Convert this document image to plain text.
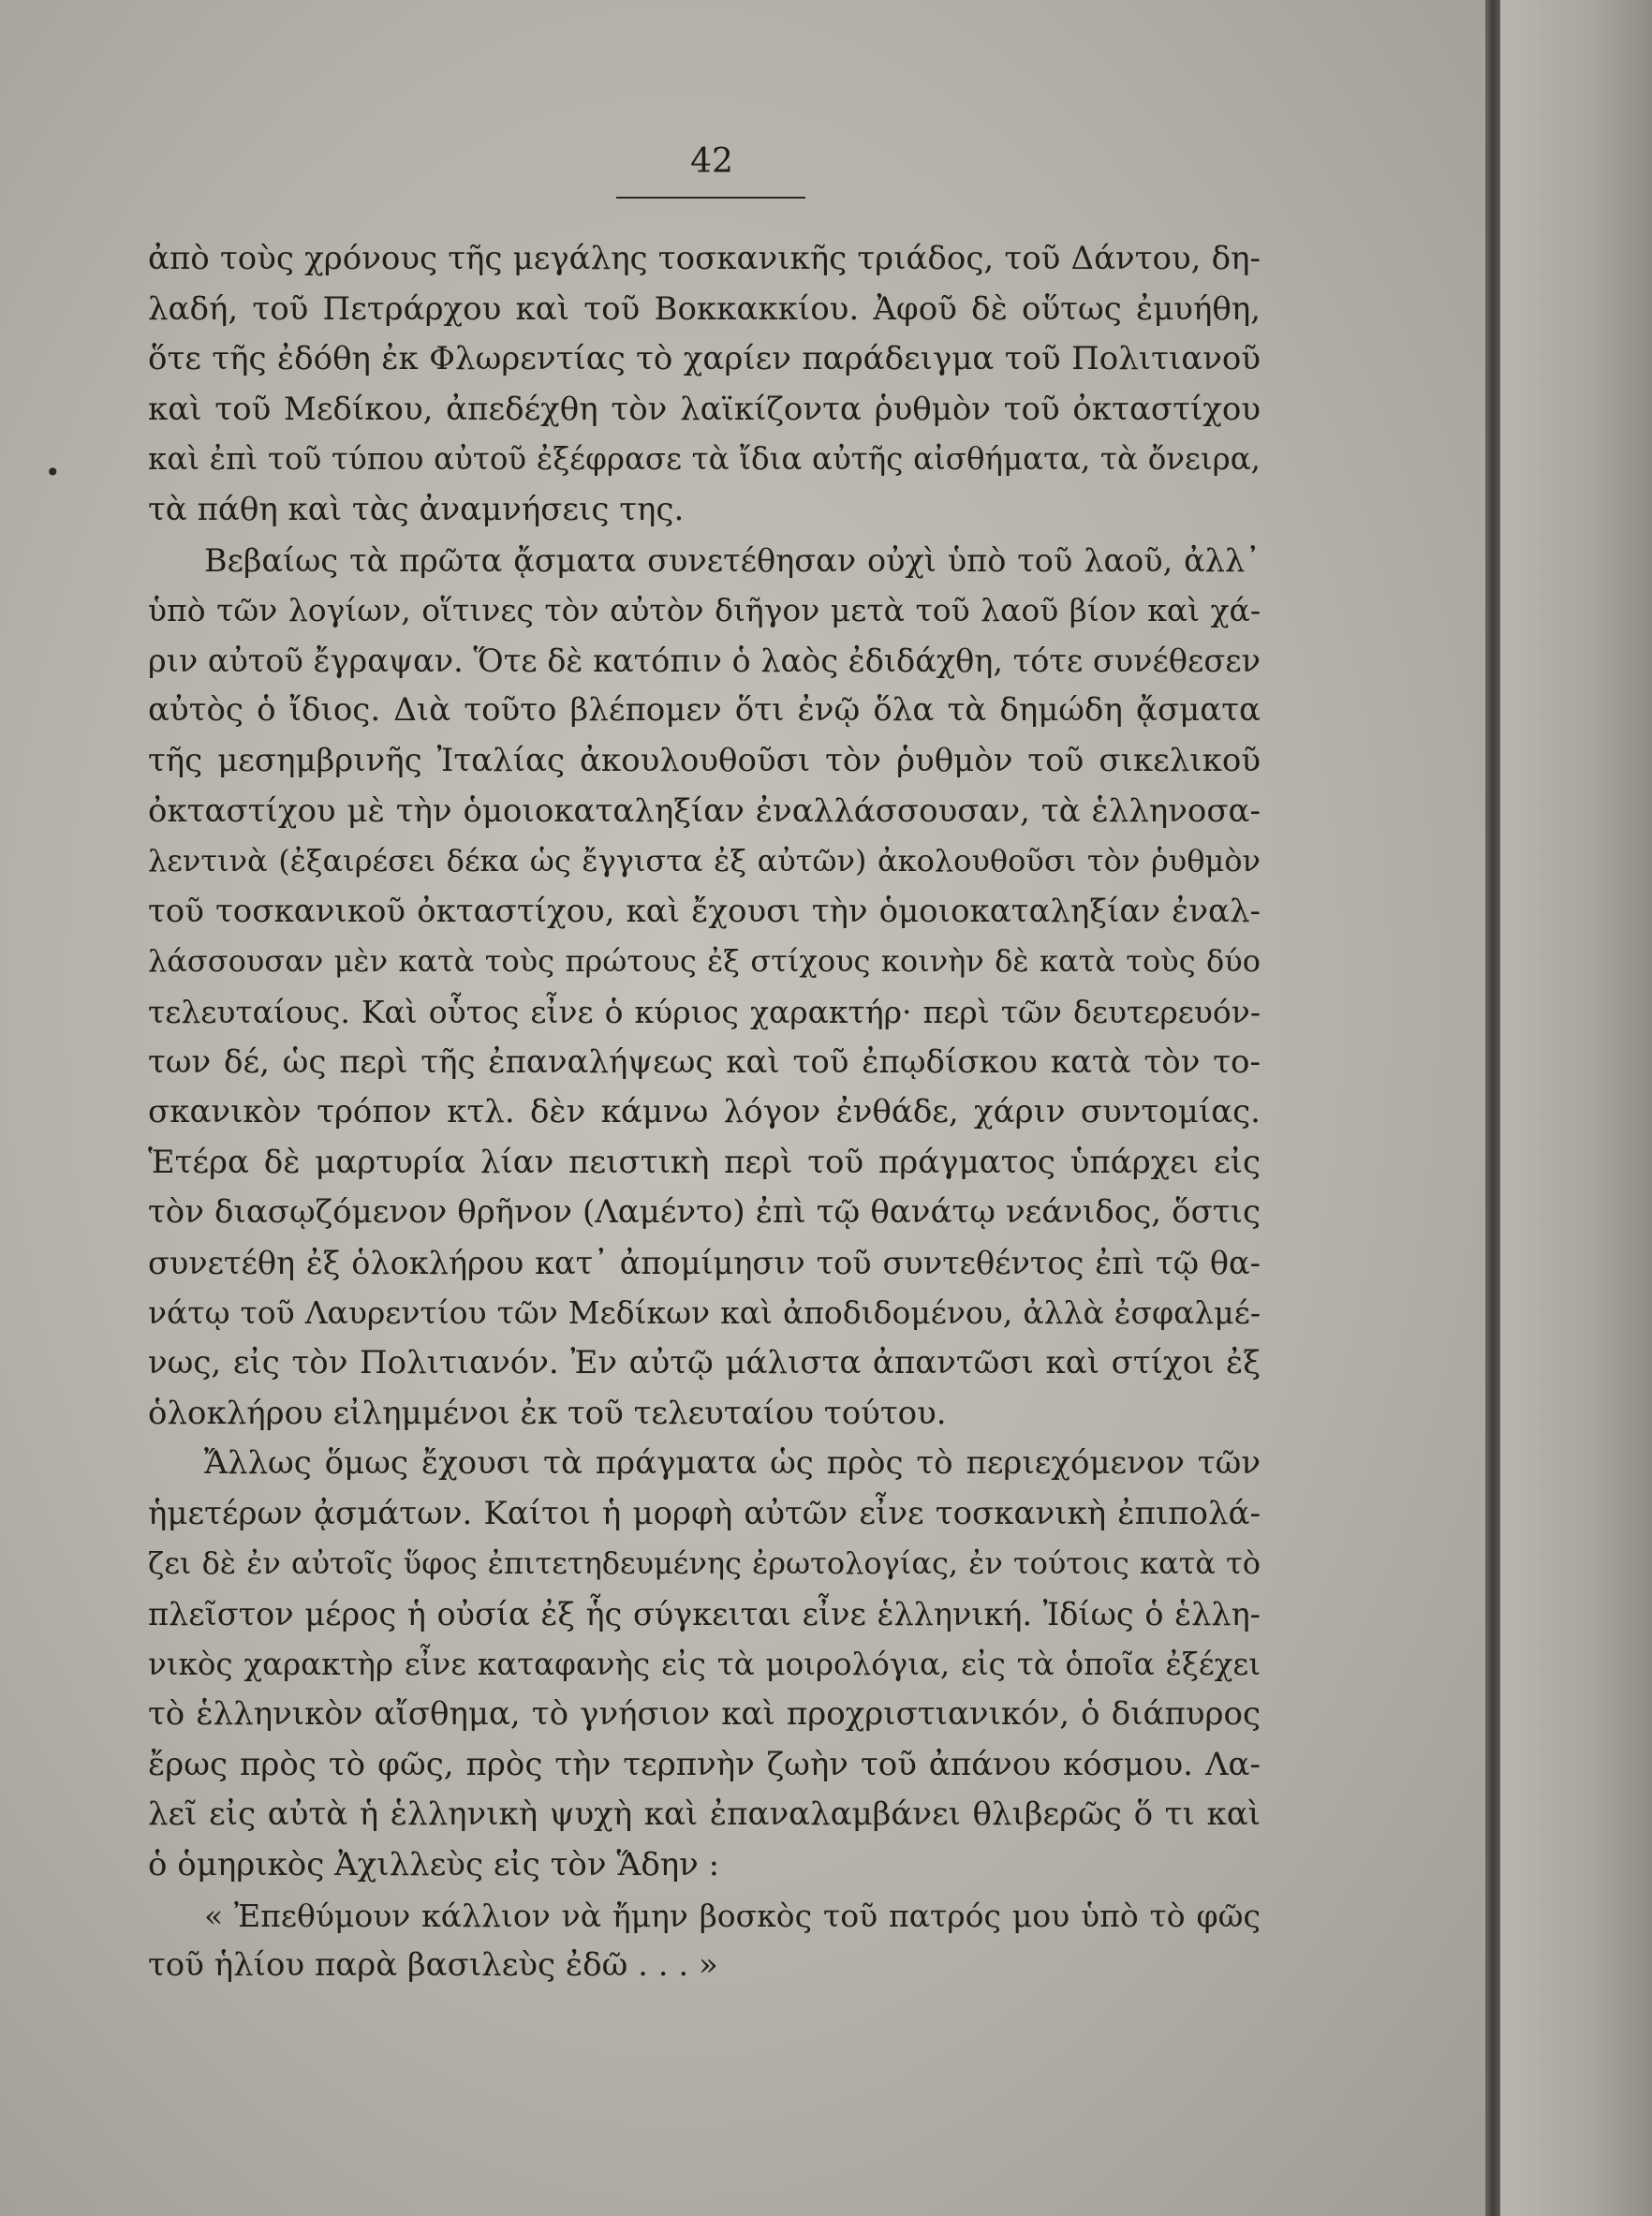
42
•
ἀπὸ τοὺς χρόνους τῆς μεγάλης τοσκανικῆς τριάδος, τοῦ Δάντου, δη-
λαδή, τοῦ Πετράρχου καὶ τοῦ Βοκκακκίου. Ἀφοῦ δὲ οὕτως ἐμυήθη,
ὅτε τῆς ἐδόθη ἐκ Φλωρεντίας τὸ χαρίεν παράδειγμα τοῦ Πολιτιανοῦ
καὶ τοῦ Μεδίκου, ἀπεδέχθη τὸν λαϊκίζοντα ῥυθμὸν τοῦ ὀκταστίχου
καὶ ἐπὶ τοῦ τύπου αὐτοῦ ἐξέφρασε τὰ ἴδια αὐτῆς αἰσθήματα, τὰ ὄνειρα,
τὰ πάθη καὶ τὰς ἀναμνήσεις της.
Βεβαίως τὰ πρῶτα ᾄσματα συνετέθησαν οὐχὶ ὑπὸ τοῦ λαοῦ, ἀλλ᾽
ὑπὸ τῶν λογίων, οἵτινες τὸν αὐτὸν διῆγον μετὰ τοῦ λαοῦ βίον καὶ χά-
ριν αὐτοῦ ἔγραψαν. Ὅτε δὲ κατόπιν ὁ λαὸς ἐδιδάχθη, τότε συνέθεσεν
αὐτὸς ὁ ἴδιος. Διὰ τοῦτο βλέπομεν ὅτι ἐνῷ ὅλα τὰ δημώδη ᾄσματα
τῆς μεσημβρινῆς Ἰταλίας ἀκουλουθοῦσι τὸν ῥυθμὸν τοῦ σικελικοῦ
ὀκταστίχου μὲ τὴν ὁμοιοκαταληξίαν ἐναλλάσσουσαν, τὰ ἑλληνοσα-
λεντινὰ (ἐξαιρέσει δέκα ὡς ἔγγιστα ἐξ αὐτῶν) ἀκολουθοῦσι τὸν ῥυθμὸν
τοῦ τοσκανικοῦ ὀκταστίχου, καὶ ἔχουσι τὴν ὁμοιοκαταληξίαν ἐναλ-
λάσσουσαν μὲν κατὰ τοὺς πρώτους ἐξ στίχους κοινὴν δὲ κατὰ τοὺς δύο
τελευταίους. Καὶ οὗτος εἶνε ὁ κύριος χαρακτήρ· περὶ τῶν δευτερευόν-
των δέ, ὡς περὶ τῆς ἐπαναλήψεως καὶ τοῦ ἐπῳδίσκου κατὰ τὸν το-
σκανικὸν τρόπον κτλ. δὲν κάμνω λόγον ἐνθάδε, χάριν συντομίας.
Ἑτέρα δὲ μαρτυρία λίαν πειστικὴ περὶ τοῦ πράγματος ὑπάρχει εἰς
τὸν διασῳζόμενον θρῆνον (Λαμέντο) ἐπὶ τῷ θανάτῳ νεάνιδος, ὅστις
συνετέθη ἐξ ὁλοκλήρου κατ᾽ ἀπομίμησιν τοῦ συντεθέντος ἐπὶ τῷ θα-
νάτῳ τοῦ Λαυρεντίου τῶν Μεδίκων καὶ ἀποδιδομένου, ἀλλὰ ἐσφαλμέ-
νως, εἰς τὸν Πολιτιανόν. Ἐν αὐτῷ μάλιστα ἀπαντῶσι καὶ στίχοι ἐξ
ὁλοκλήρου εἰλημμένοι ἐκ τοῦ τελευταίου τούτου.
Ἄλλως ὅμως ἔχουσι τὰ πράγματα ὡς πρὸς τὸ περιεχόμενον τῶν
ἡμετέρων ᾀσμάτων. Καίτοι ἡ μορφὴ αὐτῶν εἶνε τοσκανικὴ ἐπιπολά-
ζει δὲ ἐν αὐτοῖς ὕφος ἐπιτετηδευμένης ἐρωτολογίας, ἐν τούτοις κατὰ τὸ
πλεῖστον μέρος ἡ οὐσία ἐξ ἧς σύγκειται εἶνε ἑλληνική. Ἰδίως ὁ ἑλλη-
νικὸς χαρακτὴρ εἶνε καταφανὴς εἰς τὰ μοιρολόγια, εἰς τὰ ὁποῖα ἐξέχει
τὸ ἑλληνικὸν αἴσθημα, τὸ γνήσιον καὶ προχριστιανικόν, ὁ διάπυρος
ἔρως πρὸς τὸ φῶς, πρὸς τὴν τερπνὴν ζωὴν τοῦ ἀπάνου κόσμου. Λα-
λεῖ εἰς αὐτὰ ἡ ἑλληνικὴ ψυχὴ καὶ ἐπαναλαμβάνει θλιβερῶς ὅ τι καὶ
ὁ ὁμηρικὸς Ἀχιλλεὺς εἰς τὸν Ἅδην :
« Ἐπεθύμουν κάλλιον νὰ ἤμην βοσκὸς τοῦ πατρός μου ὑπὸ τὸ φῶς
τοῦ ἡλίου παρὰ βασιλεὺς ἐδῶ . . . »
